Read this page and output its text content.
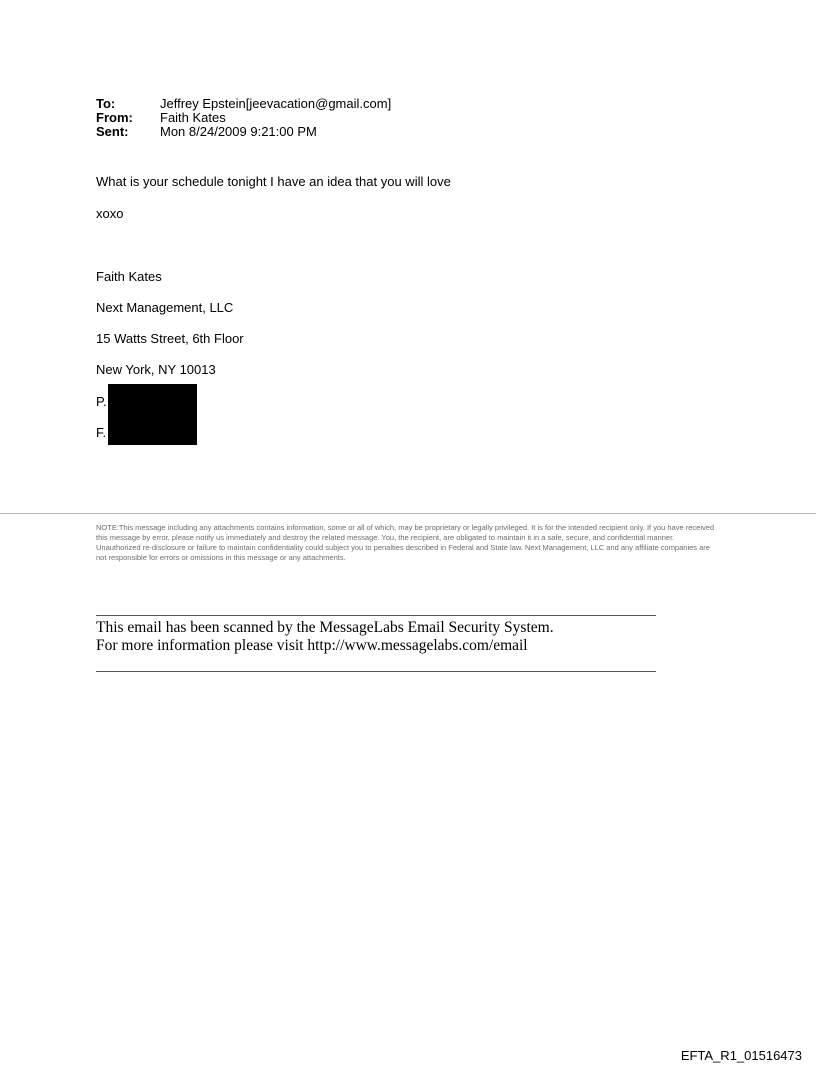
To:	Jeffrey Epstein[jeevacation@gmail.com]
From:	Faith Kates
Sent:	Mon 8/24/2009 9:21:00 PM
What is your schedule tonight I have an idea that you will love
xoxo
Faith Kates
Next Management, LLC
15 Watts Street, 6th Floor
New York, NY 10013
P.
F.
NOTE:This message including any attachments contains information, some or all of which, may be proprietary or legally privileged. It is for the intended recipient only. If you have received this message by error, please notify us immediately and destroy the related message. You, the recipient, are obligated to maintain it in a safe, secure, and confidential manner. Unauthorized re-disclosure or failure to maintain confidentiality could subject you to penalties described in Federal and State law. Next Management, LLC and any affiliate companies are not responsible for errors or omissions in this message or any attachments.
This email has been scanned by the MessageLabs Email Security System.
For more information please visit http://www.messagelabs.com/email
EFTA_R1_01516473
